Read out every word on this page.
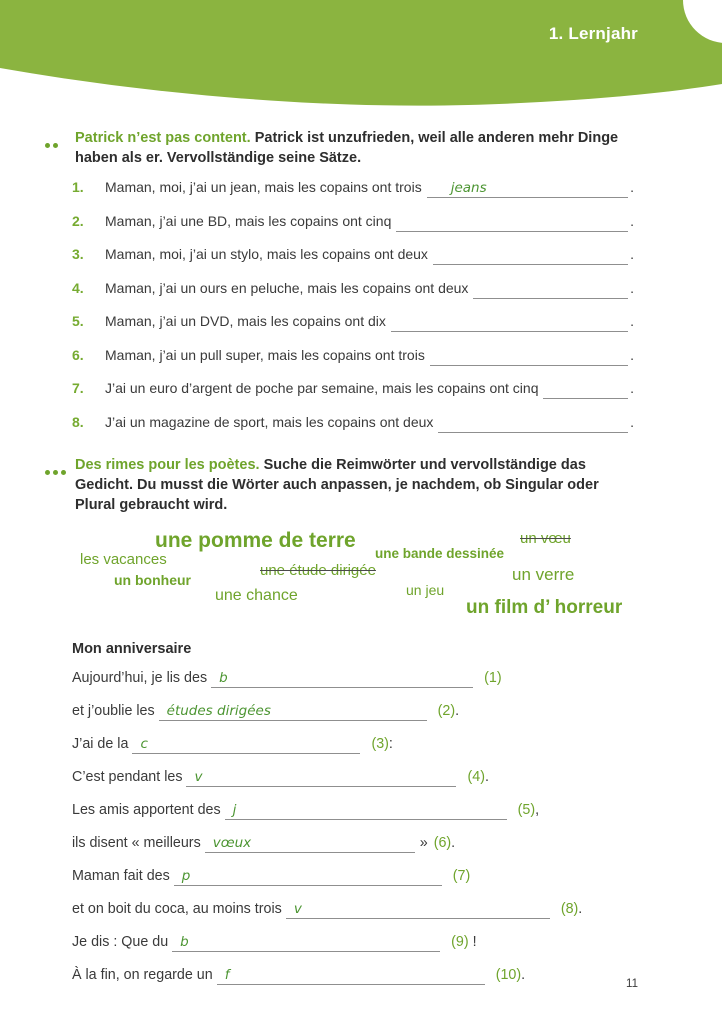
1. Lernjahr

Patrick n’est pas content. Patrick ist unzufrieden, weil alle anderen mehr Dinge haben als er. Vervollständige seine Sätze.

1.	Maman, moi, j’ai un jean, mais les copains ont trois	jeans	.
2.	Maman, j’ai une BD, mais les copains ont cinq	.
3.	Maman, moi, j’ai un stylo, mais les copains ont deux	.
4.	Maman, j’ai un ours en peluche, mais les copains ont deux	.
5.	Maman, j’ai un DVD, mais les copains ont dix	.
6.	Maman, j’ai un pull super, mais les copains ont trois	.
7.	J’ai un euro d’argent de poche par semaine, mais les copains ont cinq	.
8.	J’ai un magazine de sport, mais les copains ont deux	.

Des rimes pour les poètes. Suche die Reimwörter und vervollständige das Gedicht. Du musst die Wörter auch anpassen, je nachdem, ob Singular oder Plural gebraucht wird.

une pomme de terre	un vœu
les vacances	une bande dessinée
une étude dirigée
un bonheur	un verre
une chance	un jeu
un film d’ horreur
Mon anniversaire
Aujourd’hui, je lis des b	(1)
et j’oublie les études dirigées	(2) .
J’ai de la c	(3) :
C’est pendant les v	(4) .
Les amis apportent des j	(5) ,
ils disent « meilleurs vœux	» (6) .
Maman fait des p	(7)
et on boit du coca, au moins trois v	(8) .
Je dis : Que du b	(9) !
À la fin, on regarde un f	(10) .
11
